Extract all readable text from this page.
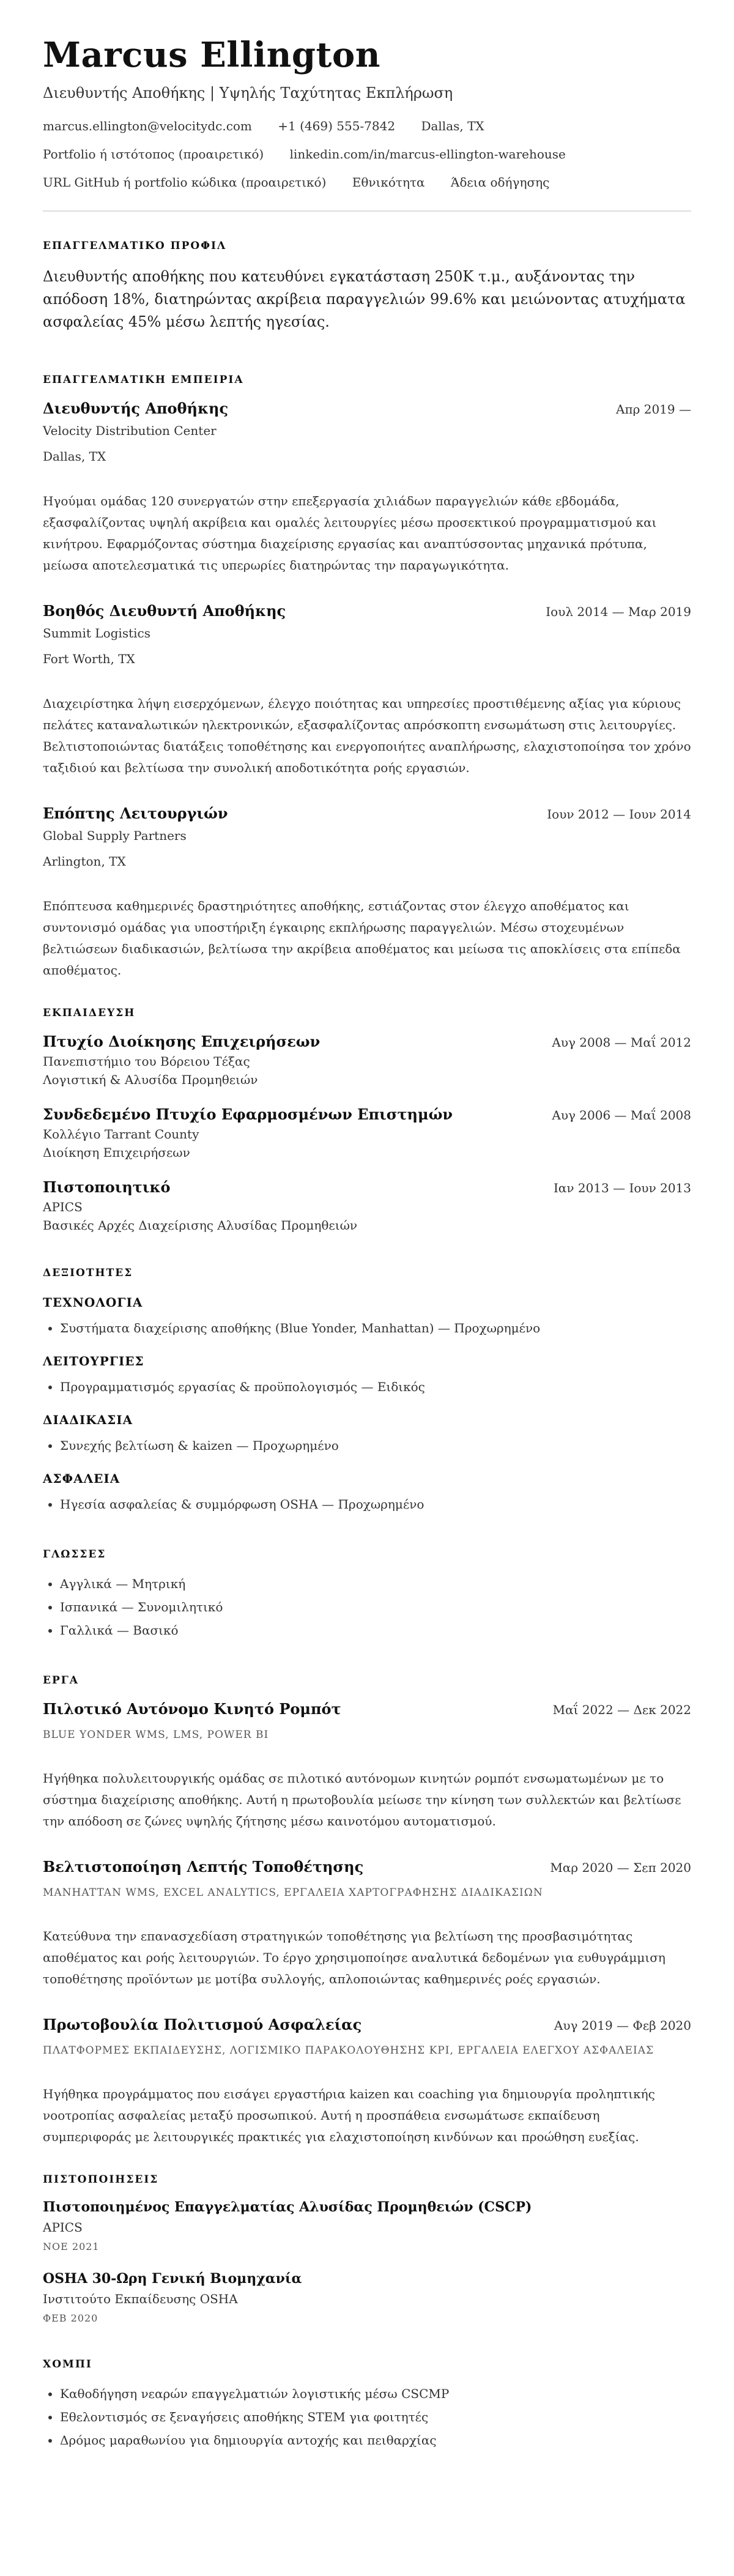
Marcus Ellington
Διευθυντής Αποθήκης | Υψηλής Ταχύτητας Εκπλήρωση
marcus.ellington@velocitydc.com +1 (469) 555-7842 Dallas, TX
Portfolio ή ιστότοπος (προαιρετικό) linkedin.com/in/marcus-ellington-warehouse
URL GitHub ή portfolio κώδικα (προαιρετικό) Εθνικότητα Άδεια οδήγησης
ΕΠΑΓΓΕΛΜΑΤΙΚΟ ΠΡΟΦΙΛ

Διευθυντής αποθήκης που κατευθύνει εγκατάσταση 250Κ τ.μ., αυξάνοντας την απόδοση 18%, διατηρώντας ακρίβεια παραγγελιών 99.6% και μειώνοντας ατυχήματα ασφαλείας 45% μέσω λεπτής ηγεσίας.

ΕΠΑΓΓΕΛΜΑΤΙΚΗ ΕΜΠΕΙΡΙΑ
Διευθυντής Αποθήκης	Απρ 2019 —
Velocity Distribution Center
Dallas, TX

Ηγούμαι ομάδας 120 συνεργατών στην επεξεργασία χιλιάδων παραγγελιών κάθε εβδομάδα, εξασφαλίζοντας υψηλή ακρίβεια και ομαλές λειτουργίες μέσω προσεκτικού προγραμματισμού και κινήτρου. Εφαρμόζοντας σύστημα διαχείρισης εργασίας και αναπτύσσοντας μηχανικά πρότυπα, μείωσα αποτελεσματικά τις υπερωρίες διατηρώντας την παραγωγικότητα.

Βοηθός Διευθυντή Αποθήκης	Ιουλ 2014 — Μαρ 2019
Summit Logistics
Fort Worth, TX

Διαχειρίστηκα λήψη εισερχόμενων, έλεγχο ποιότητας και υπηρεσίες προστιθέμενης αξίας για κύριους πελάτες καταναλωτικών ηλεκτρονικών, εξασφαλίζοντας απρόσκοπτη ενσωμάτωση στις λειτουργίες. Βελτιστοποιώντας διατάξεις τοποθέτησης και ενεργοποιήτες αναπλήρωσης, ελαχιστοποίησα τον χρόνο ταξιδιού και βελτίωσα την συνολική αποδοτικότητα ροής εργασιών.

Επόπτης Λειτουργιών	Ιουν 2012 — Ιουν 2014
Global Supply Partners
Arlington, TX

Επόπτευσα καθημερινές δραστηριότητες αποθήκης, εστιάζοντας στον έλεγχο αποθέματος και συντονισμό ομάδας για υποστήριξη έγκαιρης εκπλήρωσης παραγγελιών. Μέσω στοχευμένων βελτιώσεων διαδικασιών, βελτίωσα την ακρίβεια αποθέματος και μείωσα τις αποκλίσεις στα επίπεδα αποθέματος.

ΕΚΠΑΙΔΕΥΣΗ
Πτυχίο Διοίκησης Επιχειρήσεων	Αυγ 2008 — Μαΐ 2012
Πανεπιστήμιο του Βόρειου Τέξας
Λογιστική & Αλυσίδα Προμηθειών
Συνδεδεμένο Πτυχίο Εφαρμοσμένων Επιστημών	Αυγ 2006 — Μαΐ 2008
Κολλέγιο Tarrant County
Διοίκηση Επιχειρήσεων
Πιστοποιητικό	Ιαν 2013 — Ιουν 2013
APICS
Βασικές Αρχές Διαχείρισης Αλυσίδας Προμηθειών
ΔΕΞΙΟΤΗΤΕΣ
ΤΕΧΝΟΛΟΓΙΑ
• Συστήματα διαχείρισης αποθήκης (Blue Yonder, Manhattan) — Προχωρημένο
ΛΕΙΤΟΥΡΓΙΕΣ
• Προγραμματισμός εργασίας & προϋπολογισμός — Ειδικός
ΔΙΑΔΙΚΑΣΙΑ
• Συνεχής βελτίωση & kaizen — Προχωρημένο
ΑΣΦΑΛΕΙΑ
• Ηγεσία ασφαλείας & συμμόρφωση OSHA — Προχωρημένο
ΓΛΩΣΣΕΣ
• Αγγλικά — Μητρική
• Ισπανικά — Συνομιλητικό
• Γαλλικά — Βασικό
ΕΡΓΑ
Πιλοτικό Αυτόνομο Κινητό Ρομπότ	Μαΐ 2022 — Δεκ 2022
BLUE YONDER WMS, LMS, POWER BI

Ηγήθηκα πολυλειτουργικής ομάδας σε πιλοτικό αυτόνομων κινητών ρομπότ ενσωματωμένων με το σύστημα διαχείρισης αποθήκης. Αυτή η πρωτοβουλία μείωσε την κίνηση των συλλεκτών και βελτίωσε την απόδοση σε ζώνες υψηλής ζήτησης μέσω καινοτόμου αυτοματισμού.

Βελτιστοποίηση Λεπτής Τοποθέτησης	Μαρ 2020 — Σεπ 2020
MANHATTAN WMS, EXCEL ANALYTICS, ΕΡΓΑΛΕΙΑ ΧΑΡΤΟΓΡΑΦΗΣΗΣ ΔΙΑΔΙΚΑΣΙΩΝ

Κατεύθυνα την επανασχεδίαση στρατηγικών τοποθέτησης για βελτίωση της προσβασιμότητας αποθέματος και ροής λειτουργιών. Το έργο χρησιμοποίησε αναλυτικά δεδομένων για ευθυγράμμιση τοποθέτησης προϊόντων με μοτίβα συλλογής, απλοποιώντας καθημερινές ροές εργασιών.

Πρωτοβουλία Πολιτισμού Ασφαλείας	Αυγ 2019 — Φεβ 2020
ΠΛΑΤΦΟΡΜΕΣ ΕΚΠΑΙΔΕΥΣΗΣ, ΛΟΓΙΣΜΙΚΟ ΠΑΡΑΚΟΛΟΥΘΗΣΗΣ KPI, ΕΡΓΑΛΕΙΑ ΕΛΕΓΧΟΥ ΑΣΦΑΛΕΙΑΣ

Ηγήθηκα προγράμματος που εισάγει εργαστήρια kaizen και coaching για δημιουργία προληπτικής νοοτροπίας ασφαλείας μεταξύ προσωπικού. Αυτή η προσπάθεια ενσωμάτωσε εκπαίδευση συμπεριφοράς με λειτουργικές πρακτικές για ελαχιστοποίηση κινδύνων και προώθηση ευεξίας.

ΠΙΣΤΟΠΟΙΗΣΕΙΣ
Πιστοποιημένος Επαγγελματίας Αλυσίδας Προμηθειών (CSCP)
APICS
ΝΟΕ 2021
OSHA 30-Ωρη Γενική Βιομηχανία
Ινστιτούτο Εκπαίδευσης OSHA
ΦΕΒ 2020
ΧΟΜΠΙ
• Καθοδήγηση νεαρών επαγγελματιών λογιστικής μέσω CSCMP
• Εθελοντισμός σε ξεναγήσεις αποθήκης STEM για φοιτητές
• Δρόμος μαραθωνίου για δημιουργία αντοχής και πειθαρχίας
